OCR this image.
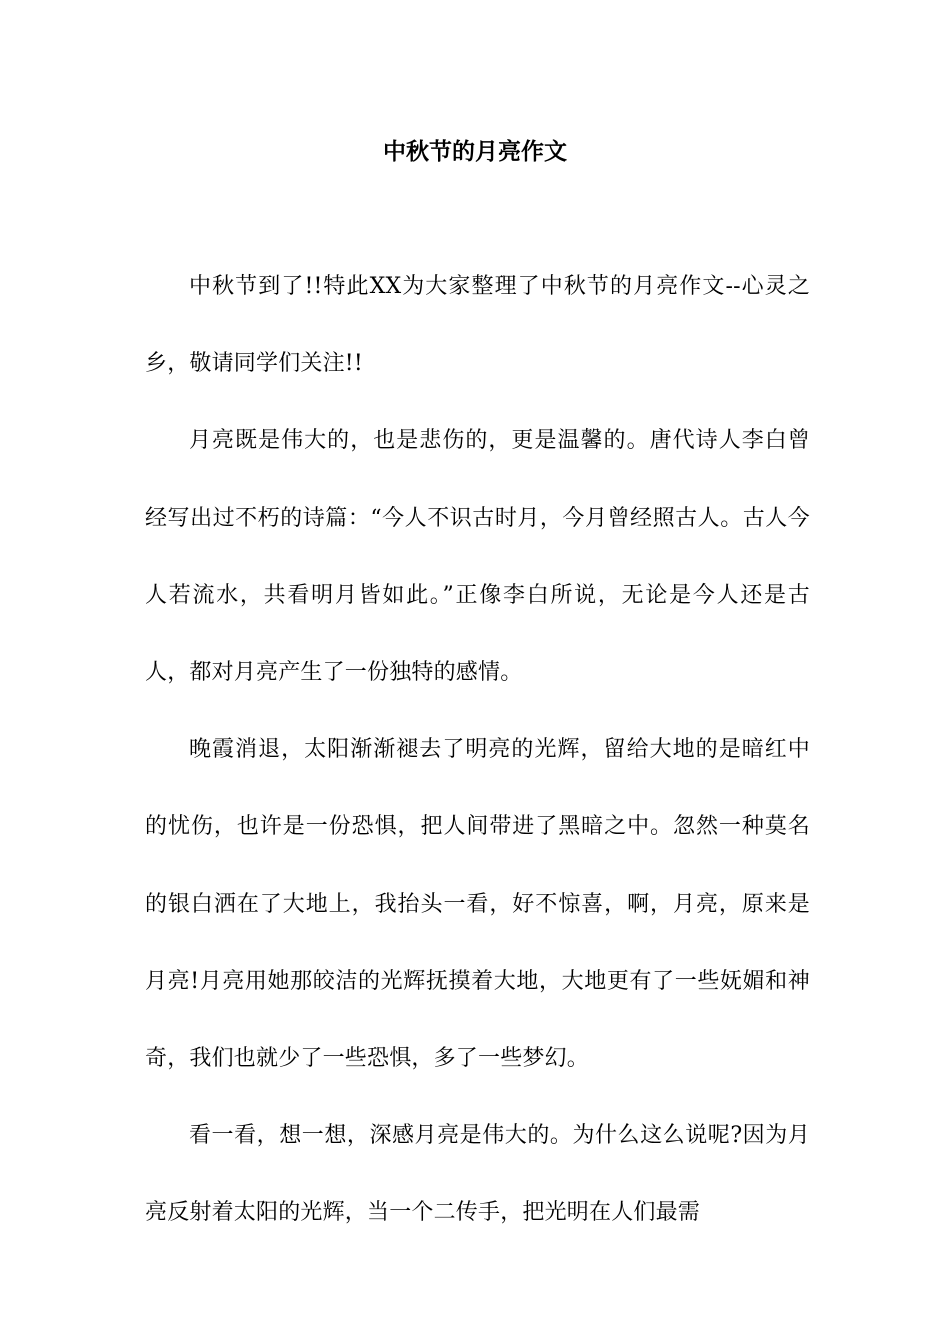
中秋节的月亮作文

中秋节到了!!特此XX为大家整理了中秋节的月亮作文--心灵之乡，敬请同学们关注!!

月亮既是伟大的，也是悲伤的，更是温馨的。唐代诗人李白曾经写出过不朽的诗篇：“今人不识古时月，今月曾经照古人。古人今人若流水，共看明月皆如此。”正像李白所说，无论是今人还是古人，都对月亮产生了一份独特的感情。

晚霞消退，太阳渐渐褪去了明亮的光辉，留给大地的是暗红中的忧伤，也许是一份恐惧，把人间带进了黑暗之中。忽然一种莫名的银白洒在了大地上，我抬头一看，好不惊喜，啊，月亮，原来是月亮!月亮用她那皎洁的光辉抚摸着大地，大地更有了一些妩媚和神奇，我们也就少了一些恐惧，多了一些梦幻。

看一看，想一想，深感月亮是伟大的。为什么这么说呢?因为月亮反射着太阳的光辉，当一个二传手，把光明在人们最需
